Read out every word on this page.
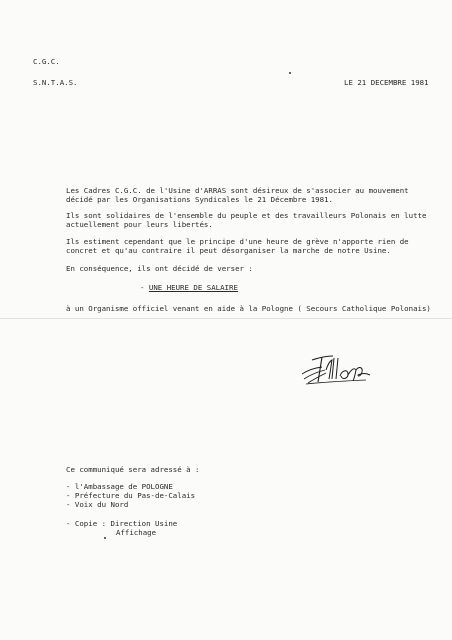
C.G.C.
S.N.T.A.S.	LE 21 DECEMBRE 1981
Les Cadres C.G.C. de l'Usine d'ARRAS sont désireux de s'associer au mouvement
décidé par les Organisations Syndicales le 21 Décembre 1981.
Ils sont solidaires de l'ensemble du peuple et des travailleurs Polonais en lutte
actuellement pour leurs libertés.
Ils estiment cependant que le principe d'une heure de grève n'apporte rien de
concret et qu'au contraire il peut désorganiser la marche de notre Usine.
En conséquence, ils ont décidé de verser :
- UNE HEURE DE SALAIRE
à un Organisme officiel venant en aide à la Pologne ( Secours Catholique Polonais)
Ce communiqué sera adressé à :
- l'Ambassage de POLOGNE
- Préfecture du Pas-de-Calais
- Voix du Nord
- Copie : Direction Usine
Affichage
